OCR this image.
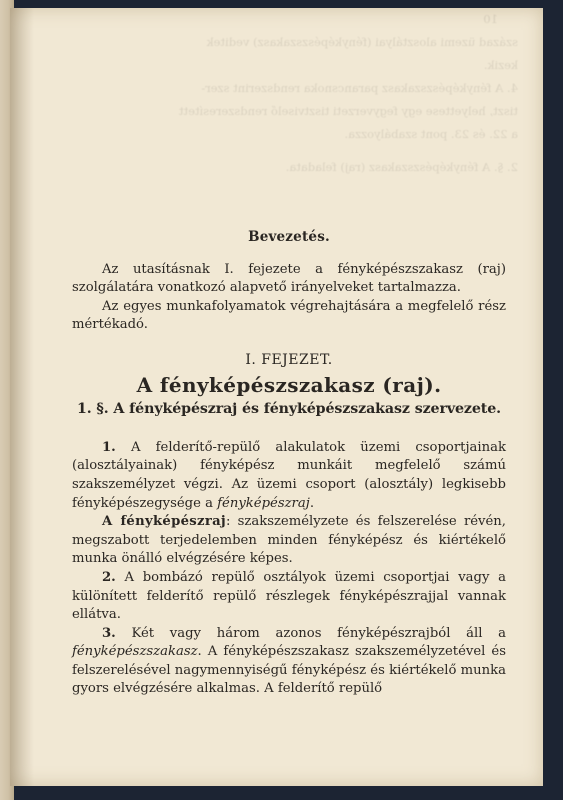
10
század üzemi alosztályai (fényképészszakasz) veditek
kezik.
4. A fényképészszakasz parancsnoka rendszerint szer-
tiszt, helyettese egy fegyverzeti tisztviselő rendszeresített
a 22. és 23. pont szabályozza.
2. §. A fényképészszakasz (raj) feladata.
Bevezetés.

Az utasításnak I. fejezete a fényképészszakasz (raj) szolgálatára vonatkozó alapvető irányelveket tartalmazza.

Az egyes munkafolyamatok végrehajtására a megfelelő rész mértékadó.

I. FEJEZET.
A fényképészszakasz (raj).
1. §. A fényképészraj és fényképészszakasz szervezete.

1. A felderítő-repülő alakulatok üzemi csoportjainak (alosztályainak) fényképész munkáit megfelelő számú szakszemélyzet végzi. Az üzemi csoport (alosztály) legkisebb fényképészegysége a fényképészraj.

A fényképészraj: szakszemélyzete és felszerelése révén, megszabott terjedelemben minden fényképész és kiértékelő munka önálló elvégzésére képes.

2. A bombázó repülő osztályok üzemi csoportjai vagy a különített felderítő repülő részlegek fényképészrajjal vannak ellátva.

3. Két vagy három azonos fényképészrajból áll a fényképészszakasz. A fényképészszakasz szakszemélyzetével és felszerelésével nagymennyiségű fényképész és kiértékelő munka gyors elvégzésére alkalmas. A felderítő repülő
